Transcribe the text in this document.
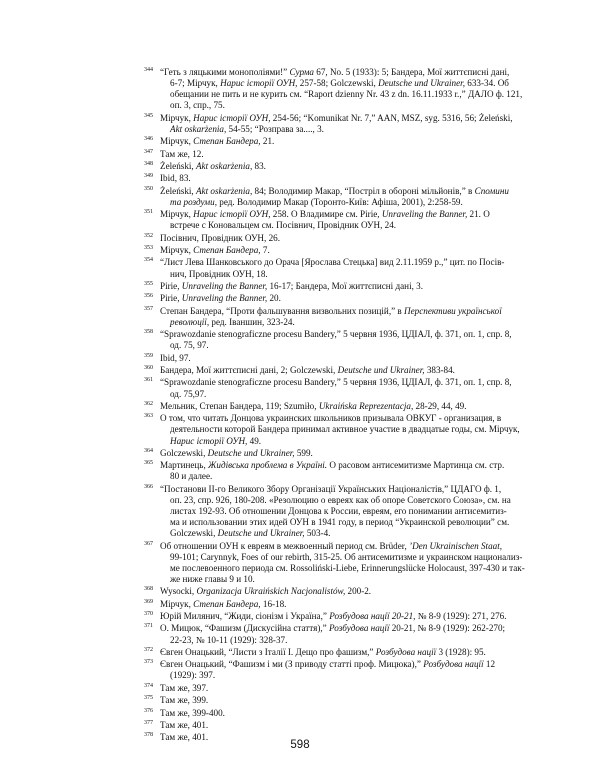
344 “Геть з ляцькими монополіями!” Сурма 67, No. 5 (1933): 5; Бандера, Мої життєписні дані,
6-7; Мірчук, Нарис історії ОУН, 257-58; Golczewski, Deutsche und Ukrainer, 633-34. Об
обещании не пить и не курить см. “Raport dzienny Nr. 43 z dn. 16.11.1933 r.,” ДАЛО ф. 121,
оп. 3, спр., 75.
345 Мірчук, Нарис історії ОУН, 254-56; “Komunikat Nr. 7,” AAN, MSZ, syg. 5316, 56; Żeleński,
Akt oskarżenia, 54-55; “Розправа за...., 3.
346 Мірчук, Степан Бандера, 21.
347 Там же, 12.
348 Żeleński, Akt oskarżenia, 83.
349 Ibid, 83.
350 Żeleński, Akt oskarżenia, 84; Володимир Макар, “Постріл в обороні мільйонів,” в Спомини
та роздуми, ред. Володимир Макар (Торонто-Київ: Афіша, 2001), 2:258-59.
351 Мірчук, Нарис історії ОУН, 258. О Владимире см. Pirie, Unraveling the Banner, 21. О
встрече с Коновальцем см. Посівнич, Провідник ОУН, 24.
352 Посівнич, Провідник ОУН, 26.
353 Мірчук, Степан Бандера, 7.
354 “Лист Лева Шанковського до Орача [Ярослава Стецька] вид 2.11.1959 р.,” цит. по Посів-
нич, Провідник ОУН, 18.
355 Pirie, Unraveling the Banner, 16-17; Бандера, Мої життєписні дані, 3.
356 Pirie, Unraveling the Banner, 20.
357 Степан Бандера, “Проти фальшування визвольних позицій,” в Перспективи української
революції, ред. Іваншин, 323-24.
358 “Sprawozdanie stenograficzne procesu Bandery,” 5 червня 1936, ЦДІАЛ, ф. 371, оп. 1, спр. 8,
од. 75, 97.
359 Ibid, 97.
360 Бандера, Мої життєписні дані, 2; Golczewski, Deutsche und Ukrainer, 383-84.
361 “Sprawozdanie stenograficzne procesu Bandery,” 5 червня 1936, ЦДІАЛ, ф. 371, оп. 1, спр. 8,
од. 75,97.
362 Мельник, Степан Бандера, 119; Szumiło, Ukraińska Reprezentacja, 28-29, 44, 49.
363 О том, что читать Донцова украинских школьников призывала ОВКУГ - организация, в
деятельности которой Бандера принимал активное участие в двадцатые годы, см. Мірчук,
Нарис історії ОУН, 49.
364 Golczewski, Deutsche und Ukrainer, 599.
365 Мартинець, Жидівська проблема в Україні. О расовом антисемитизме Мартинца см. стр.
80 и далее.
366 “Постанови II-го Великого Збору Організації Українських Націоналістів,” ЦДАГО ф. 1,
оп. 23, спр. 926, 180-208. «Резолюцию о евреях как об опоре Советского Союза», см. на
листах 192-93. Об отношении Донцова к России, евреям, его понимании антисемитиз-
ма и использовании этих идей ОУН в 1941 году, в период “Украинской революции” см.
Golczewski, Deutsche und Ukrainer, 503-4.
367 Об отношении ОУН к евреям в межвоенный период см. Brüder, ’Den Ukrainischen Staat,
99-101; Carynnyk, Foes of our rebirth, 315-25. Об антисемитизме и украинском национализ-
ме послевоенного периода см. Rossoliński-Liebe, Erinnerungslücke Holocaust, 397-430 и так-
же ниже главы 9 и 10.
368 Wysocki, Organizacja Ukraińskich Nacjonalistów, 200-2.
369 Мірчук, Степан Бандера, 16-18.
370 Юрій Милянич, “Жиди, сіонізм і Україна,” Розбудова нації 20-21, № 8-9 (1929): 271, 276.
371 О. Мицюк, “Фашизм (Дискусійна стаття),” Розбудова нації 20-21, № 8-9 (1929): 262-270;
22-23, № 10-11 (1929): 328-37.
372 Євген Онацький, “Листи з Італії I. Дещо про фашизм,” Розбудова нації 3 (1928): 95.
373 Євген Онацький, “Фашизм і ми (З приводу статті проф. Мицюка),” Розбудова нації 12
(1929): 397.
374 Там же, 397.
375 Там же, 399.
376 Там же, 399-400.
377 Там же, 401.
378 Там же, 401.
598
